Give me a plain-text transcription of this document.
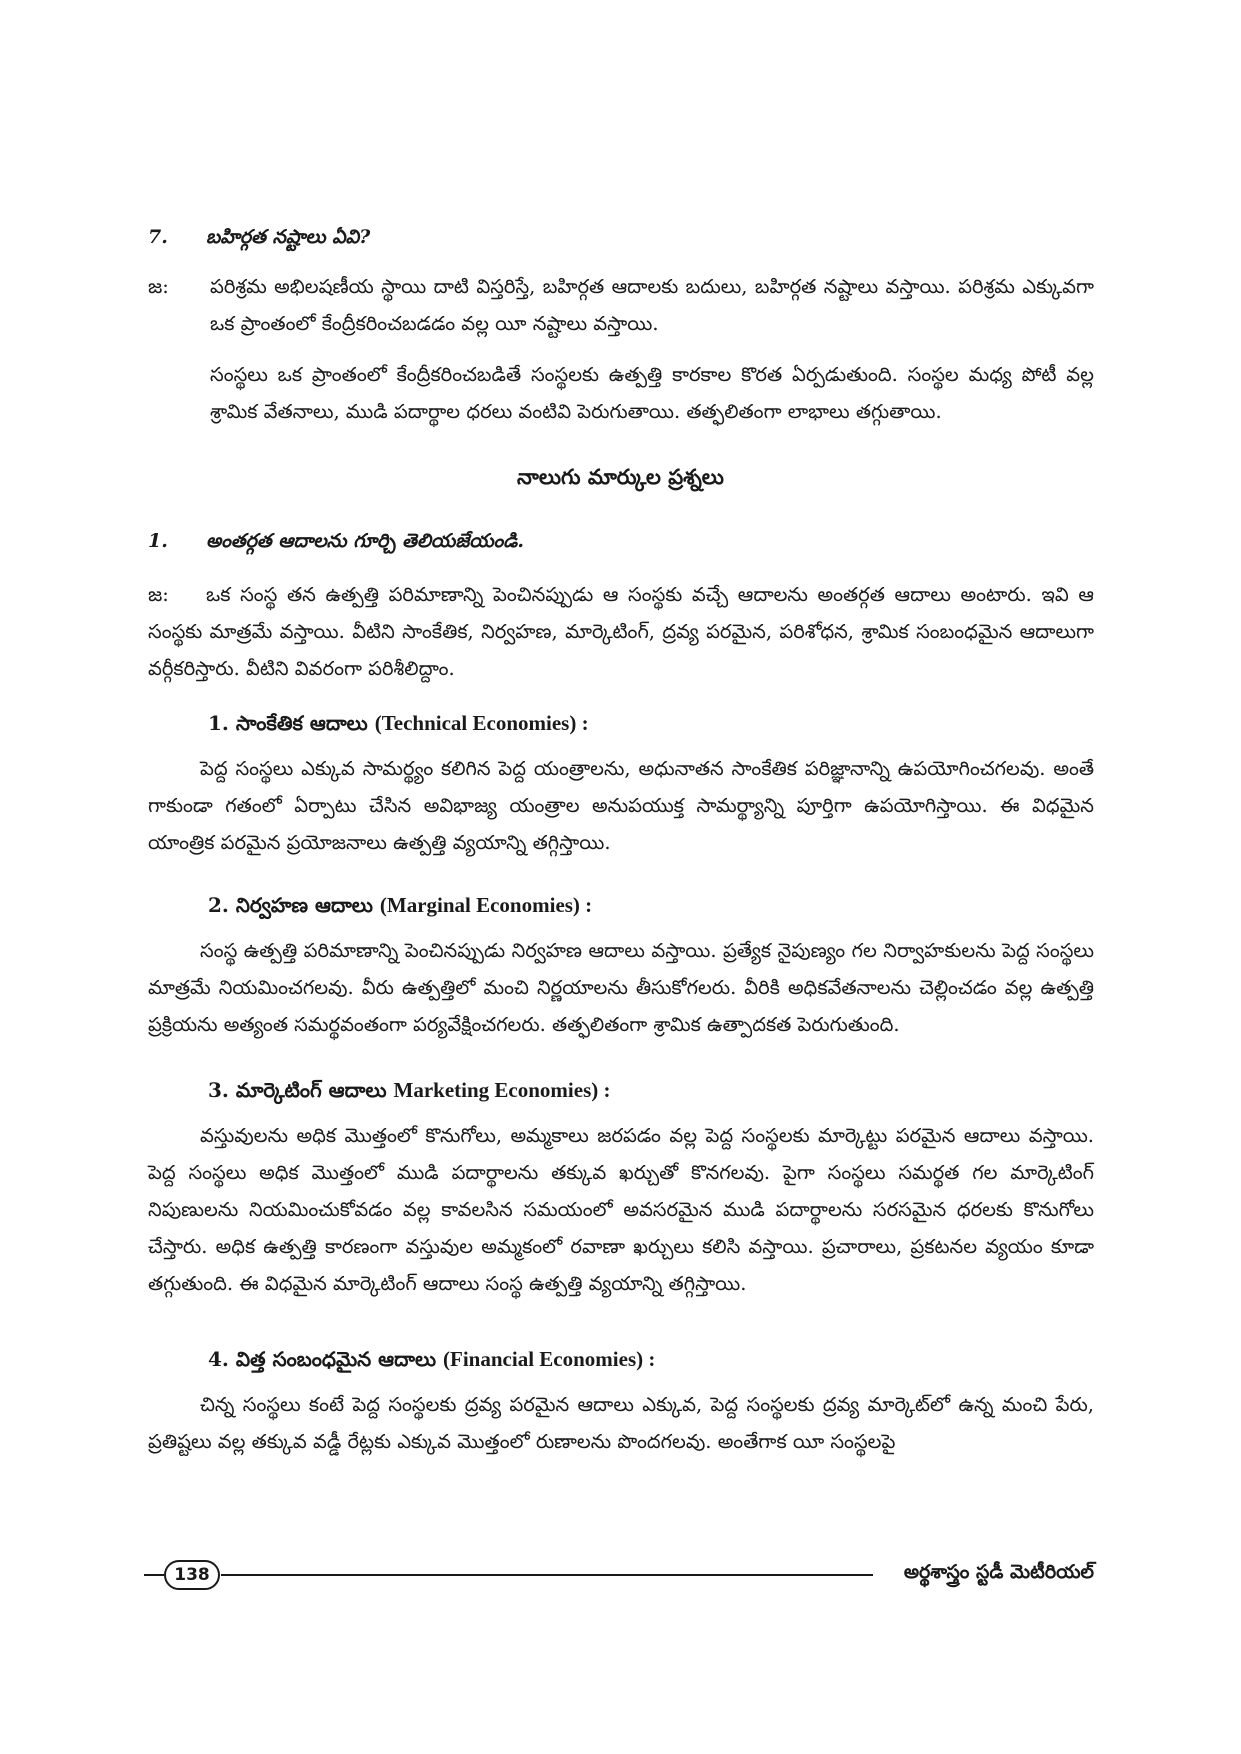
7. బహిర్గత నష్టాలు ఏవి?
జ: పరిశ్రమ అభిలషణీయ స్థాయి దాటి విస్తరిస్తే, బహిర్గత ఆదాలకు బదులు, బహిర్గత నష్టాలు వస్తాయి. పరిశ్రమ ఎక్కువగా ఒక ప్రాంతంలో కేంద్రీకరించబడడం వల్ల యీ నష్టాలు వస్తాయి.
సంస్థలు ఒక ప్రాంతంలో కేంద్రీకరించబడితే సంస్థలకు ఉత్పత్తి కారకాల కొరత ఏర్పడుతుంది. సంస్థల మధ్య పోటీ వల్ల శ్రామిక వేతనాలు, ముడి పదార్థాల ధరలు వంటివి పెరుగుతాయి. తత్ఫలితంగా లాభాలు తగ్గుతాయి.
నాలుగు మార్కుల ప్రశ్నలు
1. అంతర్గత ఆదాలను గూర్చి తెలియజేయండి.
ఒక సంస్థ తన ఉత్పత్తి పరిమాణాన్ని పెంచినప్పుడు ఆ సంస్థకు వచ్చే ఆదాలను అంతర్గత ఆదాలు అంటారు. ఇవి ఆ సంస్థకు మాత్రమే వస్తాయి. వీటిని సాంకేతిక, నిర్వహణ, మార్కెటింగ్, ద్రవ్య పరమైన, పరిశోధన, శ్రామిక సంబంధమైన ఆదాలుగా వర్గీకరిస్తారు. వీటిని వివరంగా పరిశీలిద్దాం.
జ:
1. సాంకేతిక ఆదాలు (Technical Economies) :
పెద్ద సంస్థలు ఎక్కువ సామర్థ్యం కలిగిన పెద్ద యంత్రాలను, అధునాతన సాంకేతిక పరిజ్ఞానాన్ని ఉపయోగించగలవు. అంతే గాకుండా గతంలో ఏర్పాటు చేసిన అవిభాజ్య యంత్రాల అనుపయుక్త సామర్థ్యాన్ని పూర్తిగా ఉపయోగిస్తాయి. ఈ విధమైన యాంత్రిక పరమైన ప్రయోజనాలు ఉత్పత్తి వ్యయాన్ని తగ్గిస్తాయి.
2. నిర్వహణ ఆదాలు (Marginal Economies) :
సంస్థ ఉత్పత్తి పరిమాణాన్ని పెంచినప్పుడు నిర్వహణ ఆదాలు వస్తాయి. ప్రత్యేక నైపుణ్యం గల నిర్వాహకులను పెద్ద సంస్థలు మాత్రమే నియమించగలవు. వీరు ఉత్పత్తిలో మంచి నిర్ణయాలను తీసుకోగలరు. వీరికి అధికవేతనాలను చెల్లించడం వల్ల ఉత్పత్తి ప్రక్రియను అత్యంత సమర్థవంతంగా పర్యవేక్షించగలరు. తత్ఫలితంగా శ్రామిక ఉత్పాదకత పెరుగుతుంది.
3. మార్కెటింగ్ ఆదాలు Marketing Economies) :
వస్తువులను అధిక మొత్తంలో కొనుగోలు, అమ్మకాలు జరపడం వల్ల పెద్ద సంస్థలకు మార్కెట్టు పరమైన ఆదాలు వస్తాయి. పెద్ద సంస్థలు అధిక మొత్తంలో ముడి పదార్థాలను తక్కువ ఖర్చుతో కొనగలవు. పైగా సంస్థలు సమర్థత గల మార్కెటింగ్ నిపుణులను నియమించుకోవడం వల్ల కావలసిన సమయంలో అవసరమైన ముడి పదార్థాలను సరసమైన ధరలకు కొనుగోలు చేస్తారు. అధిక ఉత్పత్తి కారణంగా వస్తువుల అమ్మకంలో రవాణా ఖర్చులు కలిసి వస్తాయి. ప్రచారాలు, ప్రకటనల వ్యయం కూడా తగ్గుతుంది. ఈ విధమైన మార్కెటింగ్ ఆదాలు సంస్థ ఉత్పత్తి వ్యయాన్ని తగ్గిస్తాయి.
4. విత్త సంబంధమైన ఆదాలు (Financial Economies) :
చిన్న సంస్థలు కంటే పెద్ద సంస్థలకు ద్రవ్య పరమైన ఆదాలు ఎక్కువ, పెద్ద సంస్థలకు ద్రవ్య మార్కెట్‌లో ఉన్న మంచి పేరు, ప్రతిష్టలు వల్ల తక్కువ వడ్డీ రేట్లకు ఎక్కువ మొత్తంలో రుణాలను పొందగలవు. అంతేగాక యీ సంస్థలపై
138	అర్థశాస్త్రం స్టడీ మెటీరియల్
